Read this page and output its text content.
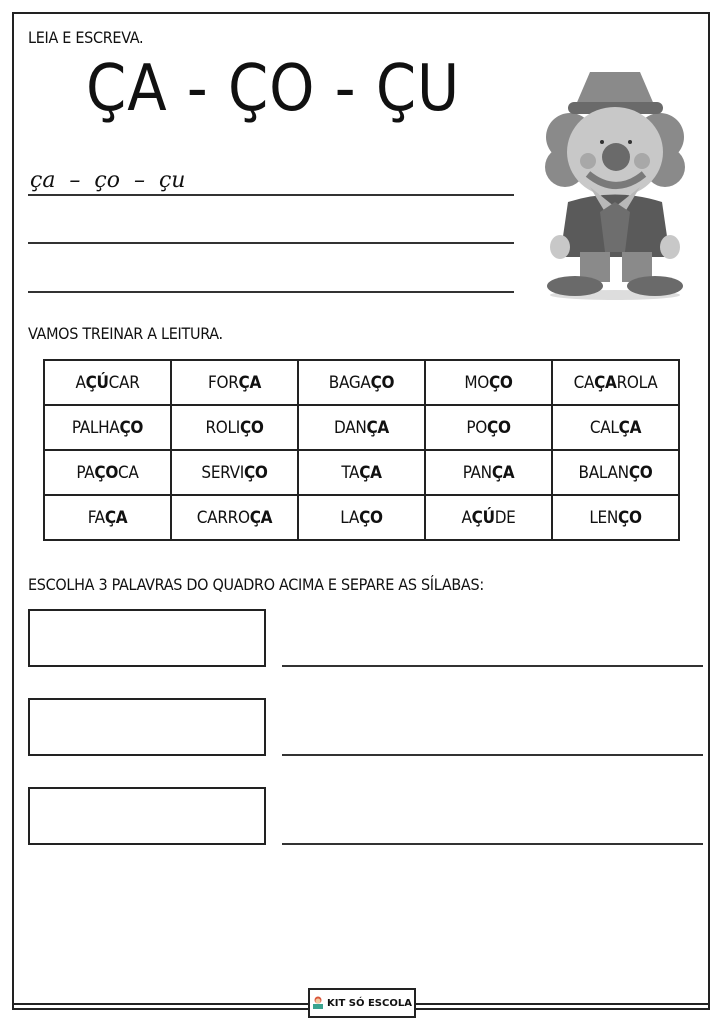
LEIA E ESCREVA.
ÇA - ÇO - ÇU
ça  –  ço  –  çu
VAMOS TREINAR A LEITURA.
AÇÚCAR	FORÇA	BAGAÇO	MOÇO	CAÇAROLA
PALHAÇO	ROLIÇO	DANÇA	POÇO	CALÇA
PAÇOCA	SERVIÇO	TAÇA	PANÇA	BALANÇO
FAÇA	CARROÇA	LAÇO	AÇÚDE	LENÇO
ESCOLHA 3 PALAVRAS DO QUADRO ACIMA E SEPARE AS SÍLABAS:
KIT SÓ ESCOLA
